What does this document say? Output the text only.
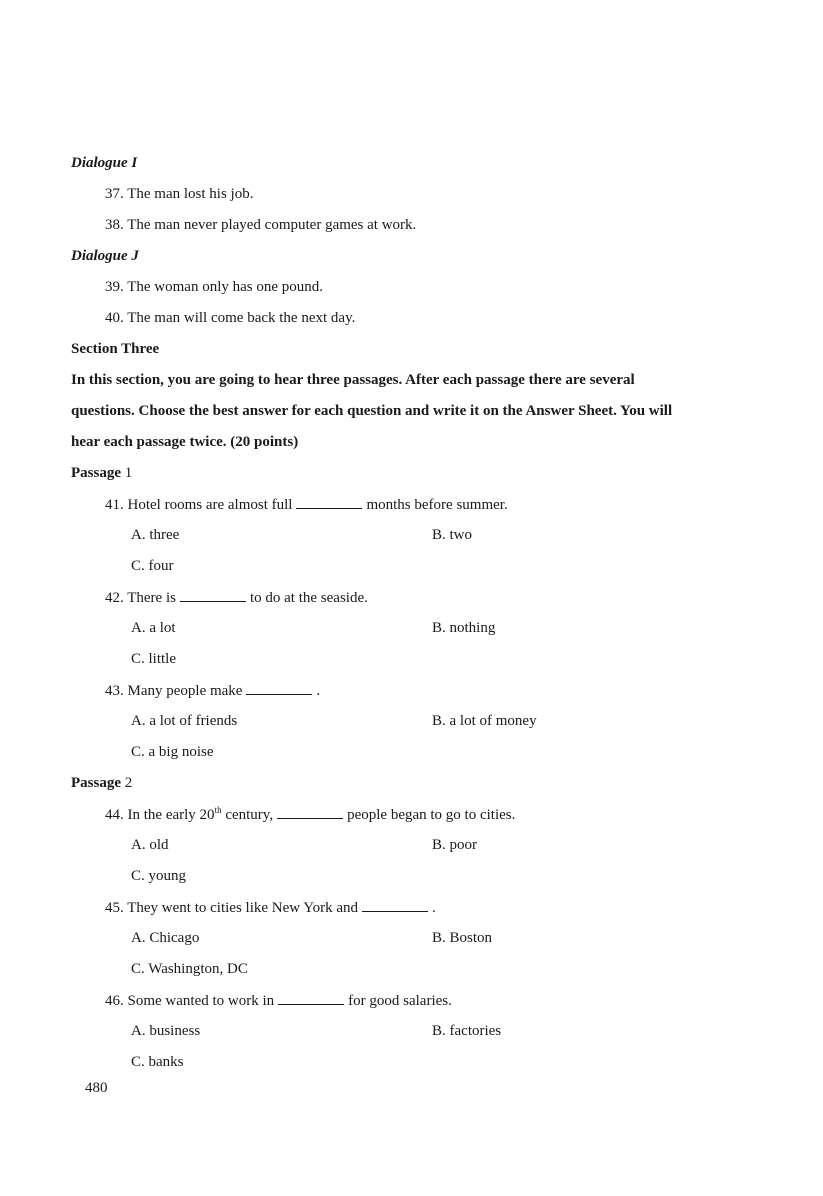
Dialogue I
37. The man lost his job.
38. The man never played computer games at work.
Dialogue J
39. The woman only has one pound.
40. The man will come back the next day.
Section Three
In this section, you are going to hear three passages. After each passage there are several
questions. Choose the best answer for each question and write it on the Answer Sheet. You will
hear each passage twice. (20 points)
Passage 1
41. Hotel rooms are almost full	months before summer.
A. three	B. two
C. four
42. There is	to do at the seaside.
A. a lot	B. nothing
C. little
43. Many people make	.
A. a lot of friends	B. a lot of money
C. a big noise
Passage 2
44. In the early 20th century,	people began to go to cities.
A. old	B. poor
C. young
45. They went to cities like New York and	.
A. Chicago	B. Boston
C. Washington, DC
46. Some wanted to work in	for good salaries.
A. business	B. factories
C. banks
480
